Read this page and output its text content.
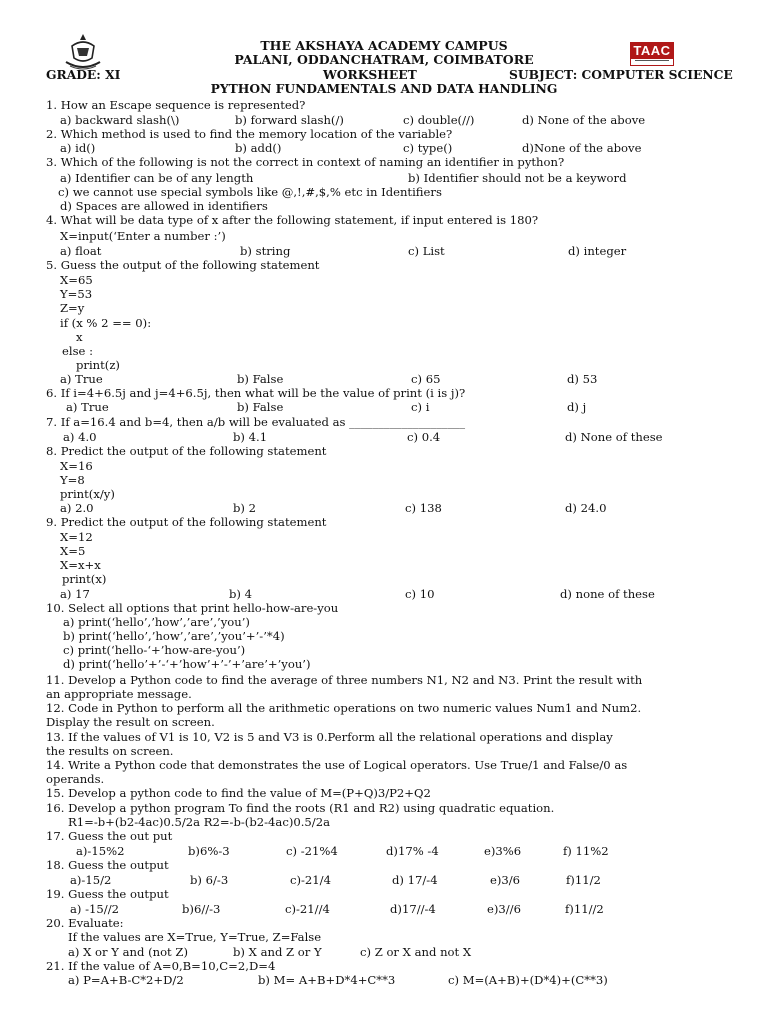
TAAC
THE AKSHAYA ACADEMY CAMPUS
PALANI, ODDANCHATRAM, COIMBATORE
GRADE: XI	WORKSHEET	SUBJECT: COMPUTER SCIENCE
PYTHON FUNDAMENTALS AND DATA HANDLING
1. How an Escape sequence is represented?
a) backward slash(\)	b) forward slash(/)	c) double(//)	d) None of the above
2. Which method is used to find the memory location of the variable?
a) id()	b) add()	c) type()	d)None of the above
3. Which of the following is not the correct in context of naming an identifier in python?
a) Identifier can be of any length	b) Identifier should not be a keyword
c) we cannot use special symbols like @,!,#,$,% etc in Identifiers
d) Spaces are allowed in identifiers
4. What will be data type of x after the following statement, if input entered is 180?
X=input(‘Enter a number :’)
a) float	b) string	c) List	d) integer
5. Guess the output of the following statement
X=65
Y=53
Z=y
if (x % 2 == 0):
x
else :
print(z)
a) True	b) False	c) 65	d) 53
6. If i=4+6.5j and j=4+6.5j, then what will be the value of print (i is j)?
a) True	b) False	c) i	d) j
7. If a=16.4 and b=4, then a/b will be evaluated as ____________________
a) 4.0	b) 4.1	c) 0.4	d) None of these
8. Predict the output of the following statement
X=16
Y=8
print(x/y)
a) 2.0	b) 2	c) 138	d) 24.0
9. Predict the output of the following statement
X=12
X=5
X=x+x
print(x)
a) 17	b) 4	c) 10	d) none of these
10. Select all options that print hello-how-are-you
a) print(‘hello’,’how’,’are’,’you’)
b) print(‘hello’,’how’,’are’,’you’+’-’*4)
c) print(‘hello-‘+’how-are-you’)
d) print(‘hello’+’-‘+’how’+’-’+’are’+’you’)
11. Develop a Python code to find the average of three numbers N1, N2 and N3. Print the result with
an appropriate message.
12. Code in Python to perform all the arithmetic operations on two numeric values Num1 and Num2.
Display the result on screen.
13. If the values of V1 is 10, V2 is 5 and V3 is 0.Perform all the relational operations and display
the results on screen.
14. Write a Python code that demonstrates the use of Logical operators. Use True/1 and False/0 as
operands.
15. Develop a python code to find the value of M=(P+Q)3/P2+Q2
16. Develop a python program To find the roots (R1 and R2) using quadratic equation.
R1=-b+(b2-4ac)0.5/2a R2=-b-(b2-4ac)0.5/2a
17. Guess the out put
a)-15%2	b)6%-3	c) -21%4	d)17% -4	e)3%6	f) 11%2
18. Guess the output
a)-15/2	b) 6/-3	c)-21/4	d) 17/-4	e)3/6	f)11/2
19. Guess the output
a) -15//2	b)6//-3	c)-21//4	d)17//-4	e)3//6	f)11//2
20. Evaluate:
If the values are X=True, Y=True, Z=False
a) X or Y and (not Z)	b) X and Z or Y	c) Z or X and not X
21. If the value of A=0,B=10,C=2,D=4
a) P=A+B-C*2+D/2	b) M= A+B+D*4+C**3	c) M=(A+B)+(D*4)+(C**3)
